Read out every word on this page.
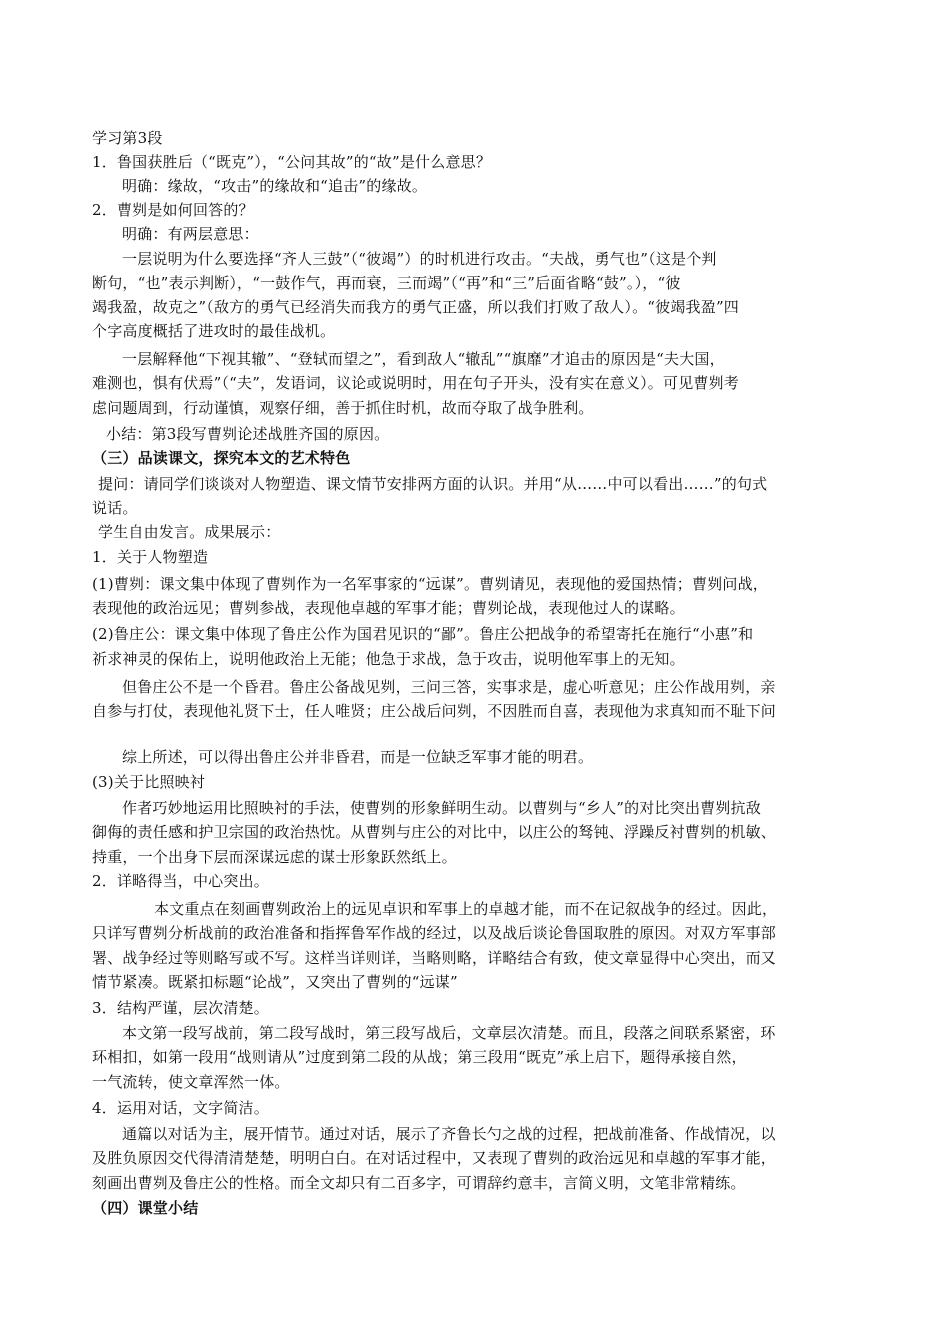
学习第3段
1．鲁国获胜后（“既克”），“公问其故”的“故”是什么意思？
明确：缘故，“攻击”的缘故和“追击”的缘故。
2．曹刿是如何回答的？
明确：有两层意思：
一层说明为什么要选择“齐人三鼓”（“彼竭”）的时机进行攻击。“夫战，勇气也”（这是个判
断句，“也”表示判断），“一鼓作气，再而衰，三而竭”（“再”和“三”后面省略“鼓”。），“彼
竭我盈，故克之”（敌方的勇气已经消失而我方的勇气正盛，所以我们打败了敌人）。“彼竭我盈”四
个字高度概括了进攻时的最佳战机。
一层解释他“下视其辙”、“登轼而望之”，看到敌人“辙乱”“旗靡”才追击的原因是“夫大国，
难测也，惧有伏焉”（“夫”，发语词，议论或说明时，用在句子开头，没有实在意义）。可见曹刿考
虑问题周到，行动谨慎，观察仔细，善于抓住时机，故而夺取了战争胜利。
小结：第3段写曹刿论述战胜齐国的原因。
（三）品读课文，探究本文的艺术特色
提问：请同学们谈谈对人物塑造、课文情节安排两方面的认识。并用“从……中可以看出……”的句式
说话。
学生自由发言。成果展示：
1．关于人物塑造
(1)曹刿：课文集中体现了曹刿作为一名军事家的“远谋”。曹刿请见，表现他的爱国热情；曹刿问战，
表现他的政治远见；曹刿参战，表现他卓越的军事才能；曹刿论战，表现他过人的谋略。
(2)鲁庄公：课文集中体现了鲁庄公作为国君见识的“鄙”。鲁庄公把战争的希望寄托在施行“小惠”和
祈求神灵的保佑上，说明他政治上无能；他急于求战，急于攻击，说明他军事上的无知。
但鲁庄公不是一个昏君。鲁庄公备战见刿，三问三答，实事求是，虚心听意见；庄公作战用刿，亲
自参与打仗，表现他礼贤下士，任人唯贤；庄公战后问刿，不因胜而自喜，表现他为求真知而不耻下问
综上所述，可以得出鲁庄公并非昏君，而是一位缺乏军事才能的明君。
(3)关于比照映衬
作者巧妙地运用比照映衬的手法，使曹刿的形象鲜明生动。以曹刿与“乡人”的对比突出曹刿抗敌
御侮的责任感和护卫宗国的政治热忱。从曹刿与庄公的对比中，以庄公的驽钝、浮躁反衬曹刿的机敏、
持重，一个出身下层而深谋远虑的谋士形象跃然纸上。
2．详略得当，中心突出。
本文重点在刻画曹刿政治上的远见卓识和军事上的卓越才能，而不在记叙战争的经过。因此，
只详写曹刿分析战前的政治准备和指挥鲁军作战的经过，以及战后谈论鲁国取胜的原因。对双方军事部
署、战争经过等则略写或不写。这样当详则详，当略则略，详略结合有致，使文章显得中心突出，而又
情节紧凑。既紧扣标题“论战”，又突出了曹刿的“远谋”
3．结构严谨，层次清楚。
本文第一段写战前，第二段写战时，第三段写战后，文章层次清楚。而且，段落之间联系紧密，环
环相扣，如第一段用“战则请从”过度到第二段的从战；第三段用“既克”承上启下，题得承接自然，
一气流转，使文章浑然一体。
4．运用对话，文字简洁。
通篇以对话为主，展开情节。通过对话，展示了齐鲁长勺之战的过程，把战前准备、作战情况，以
及胜负原因交代得清清楚楚，明明白白。在对话过程中，又表现了曹刿的政治远见和卓越的军事才能，
刻画出曹刿及鲁庄公的性格。而全文却只有二百多字，可谓辞约意丰，言简义明，文笔非常精练。
（四）课堂小结
